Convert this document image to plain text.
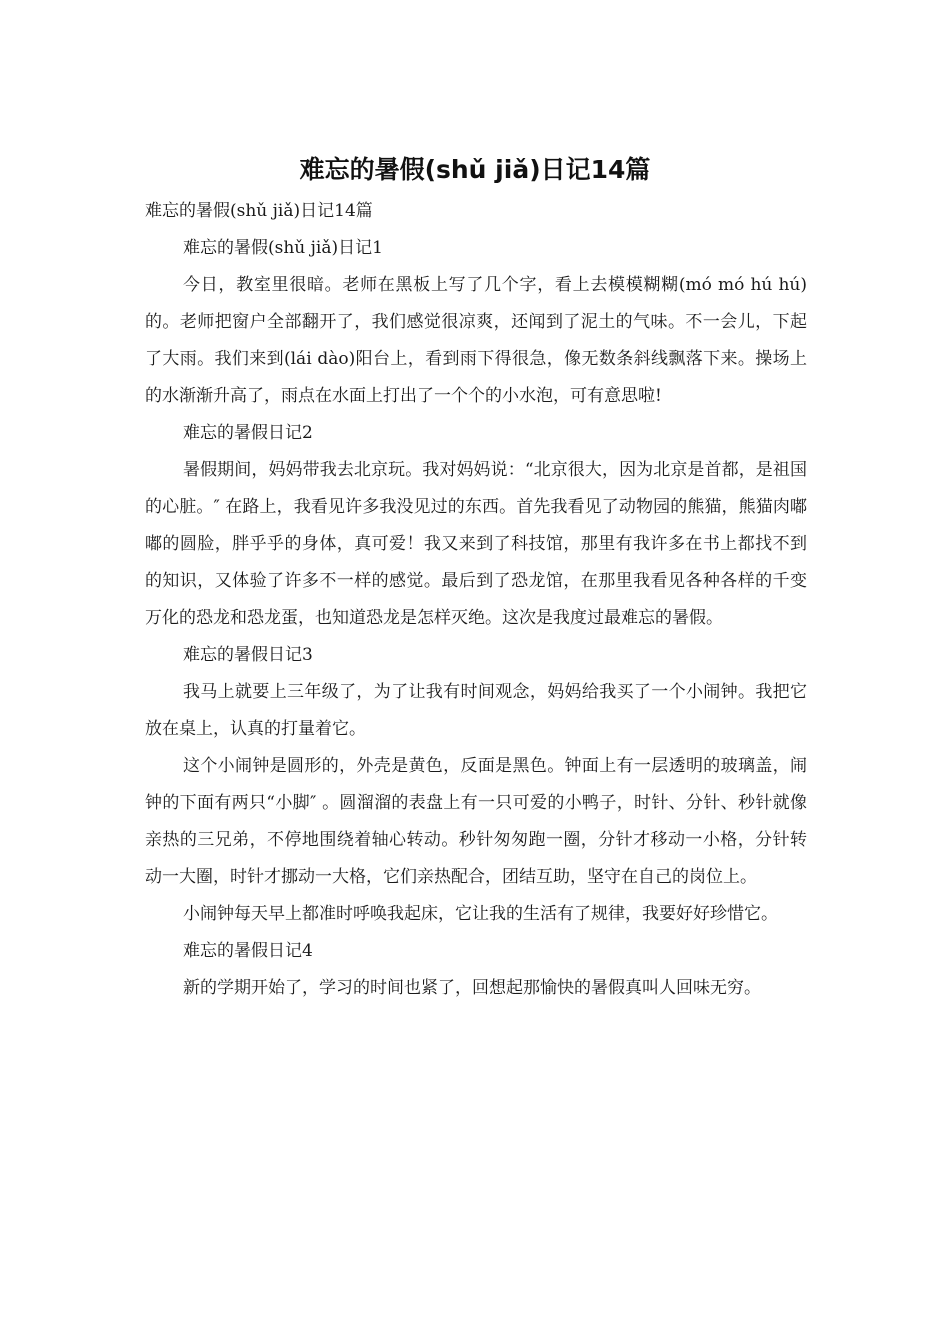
难忘的暑假(shǔ jiǎ)日记14篇

难忘的暑假(shǔ jiǎ)日记14篇

难忘的暑假(shǔ jiǎ)日记1

今日，教室里很暗。老师在黑板上写了几个字，看上去模模糊糊(mó mó hú hú)的。老师把窗户全部翻开了，我们感觉很凉爽，还闻到了泥土的气味。不一会儿，下起了大雨。我们来到(lái dào)阳台上，看到雨下得很急，像无数条斜线飘落下来。操场上的水渐渐升高了，雨点在水面上打出了一个个的小水泡，可有意思啦!

难忘的暑假日记2

暑假期间，妈妈带我去北京玩。我对妈妈说：“北京很大，因为北京是首都，是祖国的心脏。″ 在路上，我看见许多我没见过的东西。首先我看见了动物园的熊猫，熊猫肉嘟嘟的圆脸，胖乎乎的身体，真可爱！我又来到了科技馆，那里有我许多在书上都找不到的知识，又体验了许多不一样的感觉。最后到了恐龙馆，在那里我看见各种各样的千变万化的恐龙和恐龙蛋，也知道恐龙是怎样灭绝。这次是我度过最难忘的暑假。

难忘的暑假日记3

我马上就要上三年级了，为了让我有时间观念，妈妈给我买了一个小闹钟。我把它放在桌上，认真的打量着它。

这个小闹钟是圆形的，外壳是黄色，反面是黑色。钟面上有一层透明的玻璃盖，闹钟的下面有两只“小脚″ 。圆溜溜的表盘上有一只可爱的小鸭子，时针、分针、秒针就像亲热的三兄弟，不停地围绕着轴心转动。秒针匆匆跑一圈，分针才移动一小格，分针转动一大圈，时针才挪动一大格，它们亲热配合，团结互助，坚守在自己的岗位上。

小闹钟每天早上都准时呼唤我起床，它让我的生活有了规律，我要好好珍惜它。

难忘的暑假日记4

新的学期开始了，学习的时间也紧了，回想起那愉快的暑假真叫人回味无穷。
